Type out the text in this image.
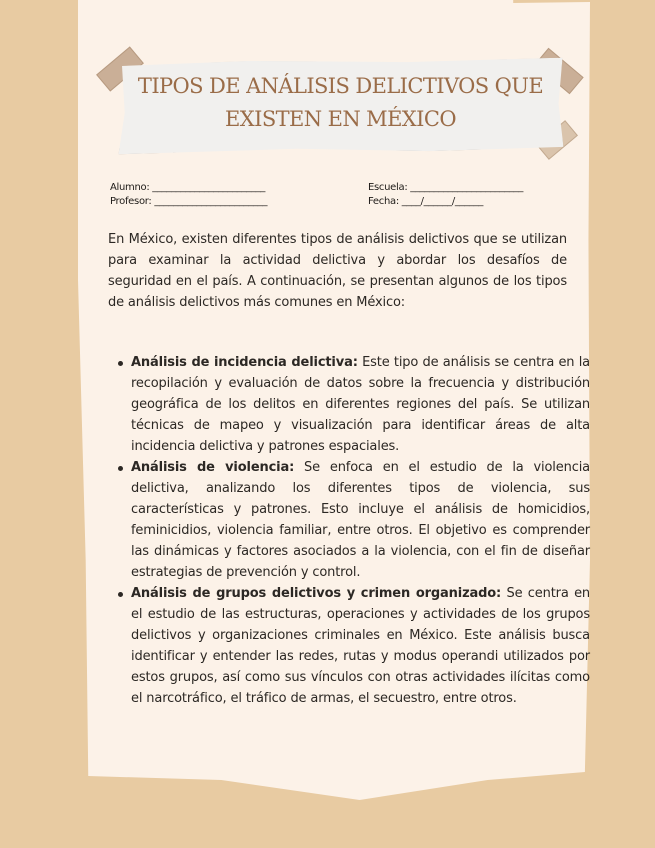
TIPOS DE ANÁLISIS DELICTIVOS QUE
EXISTEN EN MÉXICO
Alumno: ________________________
Profesor: ________________________
Escuela: ________________________
Fecha: ____/______/______

En México, existen diferentes tipos de análisis delictivos que se utilizan para examinar la actividad delictiva y abordar los desafíos de seguridad en el país. A continuación, se presentan algunos de los tipos de análisis delictivos más comunes en México:

Análisis de incidencia delictiva: Este tipo de análisis se centra en la recopilación y evaluación de datos sobre la frecuencia y distribución geográfica de los delitos en diferentes regiones del país. Se utilizan técnicas de mapeo y visualización para identificar áreas de alta incidencia delictiva y patrones espaciales.
Análisis de violencia: Se enfoca en el estudio de la violencia delictiva, analizando los diferentes tipos de violencia, sus características y patrones. Esto incluye el análisis de homicidios, feminicidios, violencia familiar, entre otros. El objetivo es comprender las dinámicas y factores asociados a la violencia, con el fin de diseñar estrategias de prevención y control.
Análisis de grupos delictivos y crimen organizado: Se centra en el estudio de las estructuras, operaciones y actividades de los grupos delictivos y organizaciones criminales en México. Este análisis busca identificar y entender las redes, rutas y modus operandi utilizados por estos grupos, así como sus vínculos con otras actividades ilícitas como el narcotráfico, el tráfico de armas, el secuestro, entre otros.
